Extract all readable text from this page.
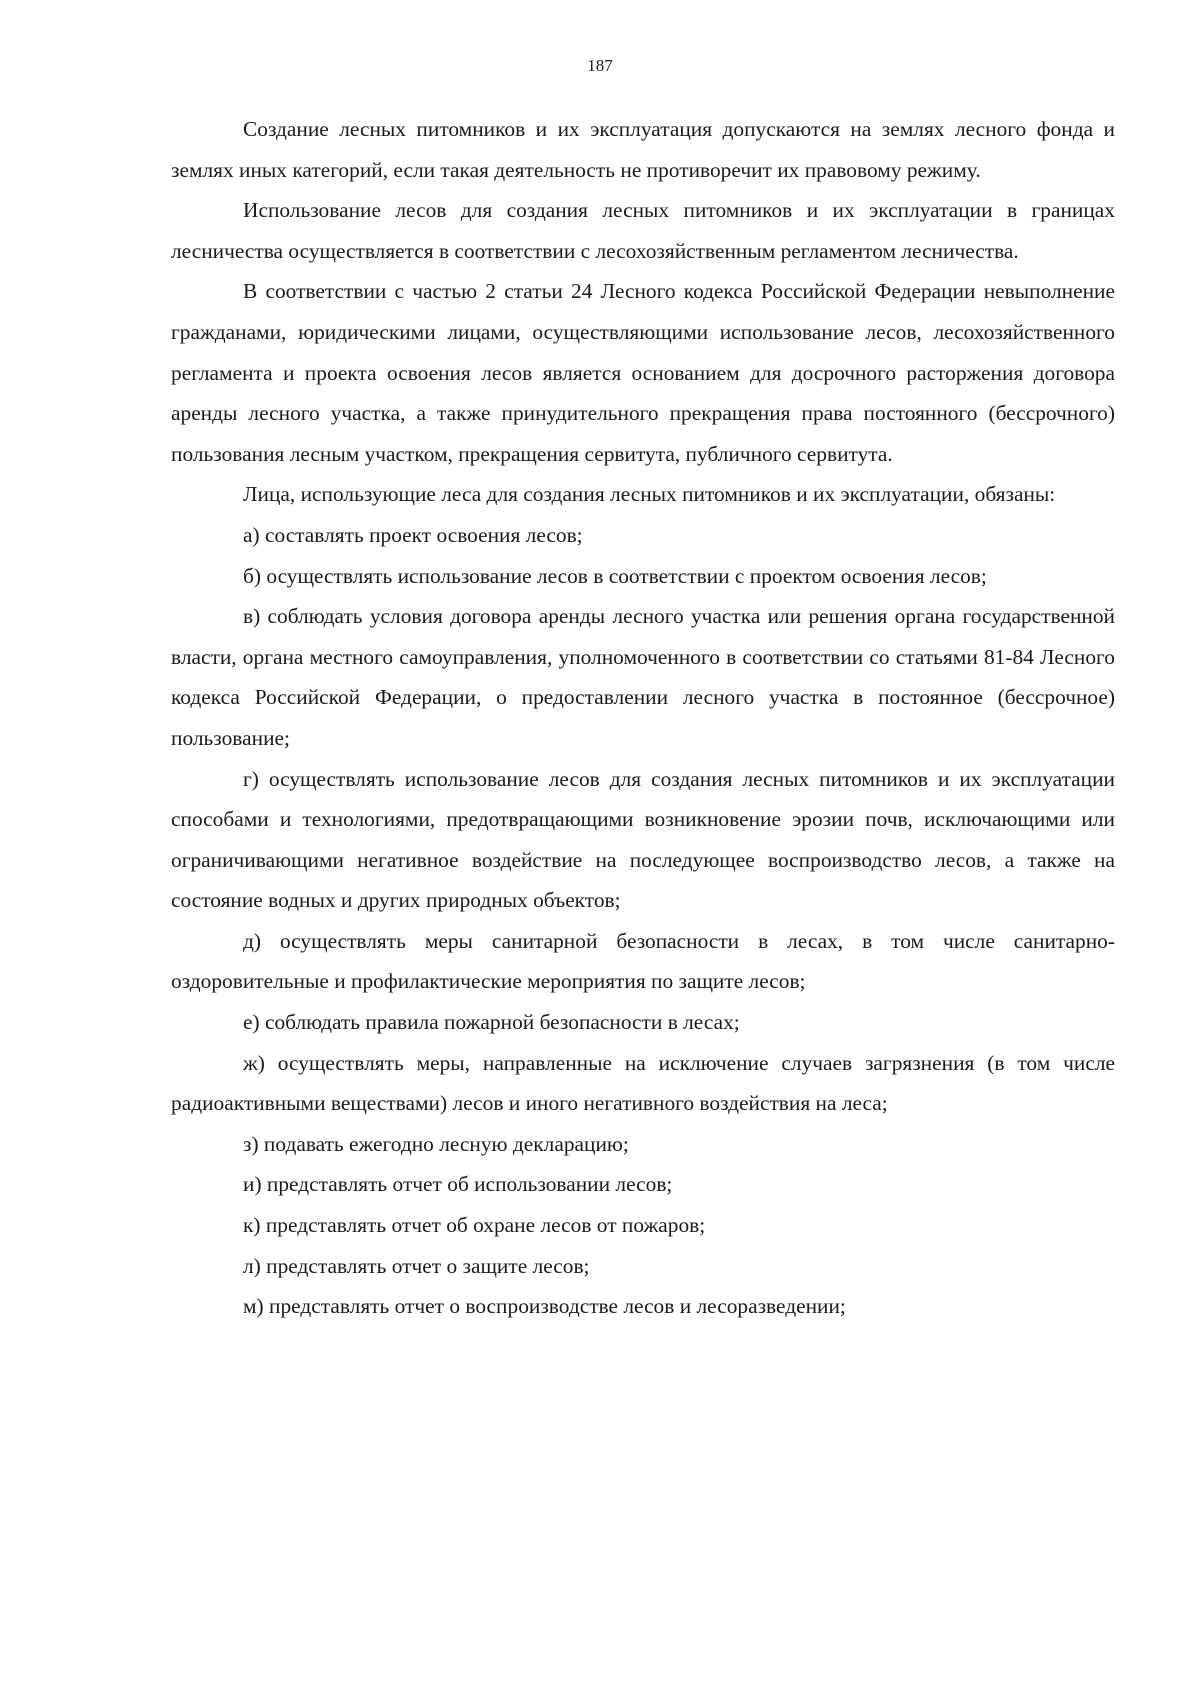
187

Создание лесных питомников и их эксплуатация допускаются на землях лесного фонда и землях иных категорий, если такая деятельность не противоречит их правовому режиму.

Использование лесов для создания лесных питомников и их эксплуатации в границах лесничества осуществляется в соответствии с лесохозяйственным регламентом лесничества.

В соответствии с частью 2 статьи 24 Лесного кодекса Российской Федерации невыполнение гражданами, юридическими лицами, осуществляющими использование лесов, лесохозяйственного регламента и проекта освоения лесов является основанием для досрочного расторжения договора аренды лесного участка, а также принудительного прекращения права постоянного (бессрочного) пользования лесным участком, прекращения сервитута, публичного сервитута.

Лица, использующие леса для создания лесных питомников и их эксплуатации, обязаны:

а) составлять проект освоения лесов;

б) осуществлять использование лесов в соответствии с проектом освоения лесов;

в) соблюдать условия договора аренды лесного участка или решения органа государственной власти, органа местного самоуправления, уполномоченного в соответствии со статьями 81-84 Лесного кодекса Российской Федерации, о предоставлении лесного участка в постоянное (бессрочное) пользование;

г) осуществлять использование лесов для создания лесных питомников и их эксплуатации способами и технологиями, предотвращающими возникновение эрозии почв, исключающими или ограничивающими негативное воздействие на последующее воспроизводство лесов, а также на состояние водных и других природных объектов;

д) осуществлять меры санитарной безопасности в лесах, в том числе санитарно-оздоровительные и профилактические мероприятия по защите лесов;

е) соблюдать правила пожарной безопасности в лесах;

ж) осуществлять меры, направленные на исключение случаев загрязнения (в том числе радиоактивными веществами) лесов и иного негативного воздействия на леса;

з) подавать ежегодно лесную декларацию;

и) представлять отчет об использовании лесов;

к) представлять отчет об охране лесов от пожаров;

л) представлять отчет о защите лесов;

м) представлять отчет о воспроизводстве лесов и лесоразведении;
